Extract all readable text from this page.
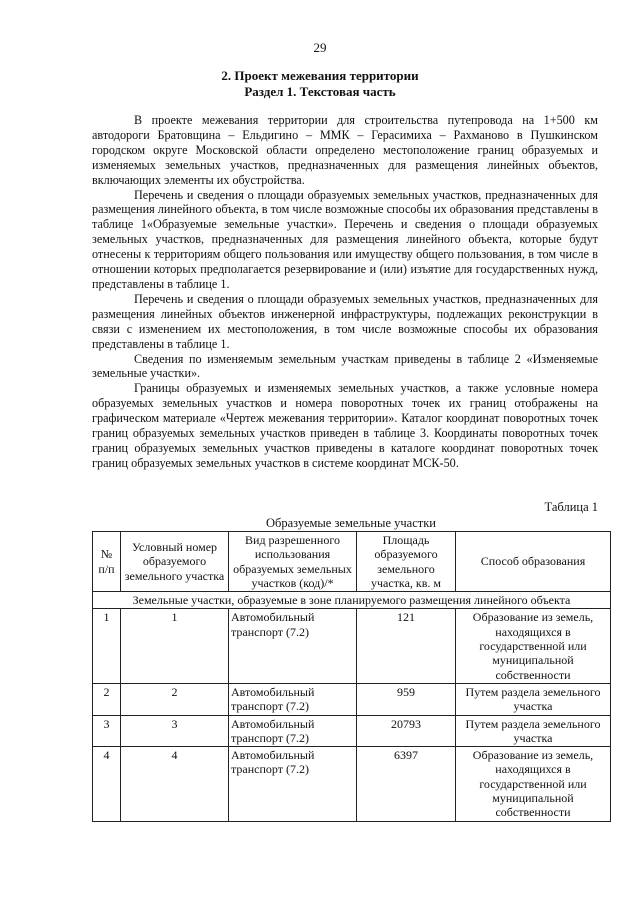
29
2. Проект межевания территории
Раздел 1. Текстовая часть

В проекте межевания территории для строительства путепровода на 1+500 км автодороги Братовщина – Ельдигино – ММК – Герасимиха – Рахманово в Пушкинском городском округе Московской области определено местоположение границ образуемых и изменяемых земельных участков, предназначенных для размещения линейных объектов, включающих элементы их обустройства.

Перечень и сведения о площади образуемых земельных участков, предназначенных для размещения линейного объекта, в том числе возможные способы их образования представлены в таблице 1«Образуемые земельные участки». Перечень и сведения о площади образуемых земельных участков, предназначенных для размещения линейного объекта, которые будут отнесены к территориям общего пользования или имуществу общего пользования, в том числе в отношении которых предполагается резервирование и (или) изъятие для государственных нужд, представлены в таблице 1.

Перечень и сведения о площади образуемых земельных участков, предназначенных для размещения линейных объектов инженерной инфраструктуры, подлежащих реконструкции в связи с изменением их местоположения, в том числе возможные способы их образования представлены в таблице 1.

Сведения по изменяемым земельным участкам приведены в таблице 2 «Изменяемые земельные участки».

Границы образуемых и изменяемых земельных участков, а также условные номера образуемых земельных участков и номера поворотных точек их границ отображены на графическом материале «Чертеж межевания территории». Каталог координат поворотных точек границ образуемых земельных участков приведен в таблице 3. Координаты поворотных точек границ образуемых земельных участков приведены в каталоге координат поворотных точек границ образуемых земельных участков в системе координат МСК-50.

Таблица 1
Образуемые земельные участки
№ п/п	Условный номер образуемого земельного участка	Вид разрешенного использования образуемых земельных участков (код)/*	Площадь образуемого земельного участка, кв. м	Способ образования
Земельные участки, образуемые в зоне планируемого размещения линейного объекта				
1	1	Автомобильный транспорт (7.2)	121	Образование из земель, находящихся в государственной или муниципальной собственности
2	2	Автомобильный транспорт (7.2)	959	Путем раздела земельного участка
3	3	Автомобильный транспорт (7.2)	20793	Путем раздела земельного участка
4	4	Автомобильный транспорт (7.2)	6397	Образование из земель, находящихся в государственной или муниципальной собственности
